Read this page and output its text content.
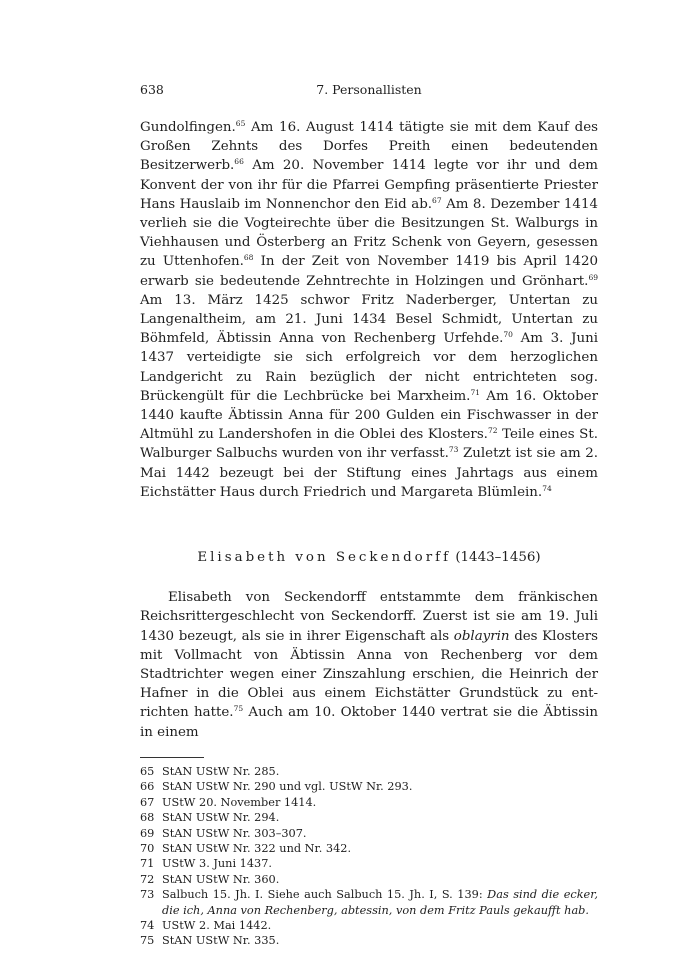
638	7. Personallisten

Gundolfingen.$^{65}$ Am 16. August 1414 tätigte sie mit dem Kauf des Großen Zehnts des Dorfes Preith einen bedeutenden Besitzerwerb.$^{66}$ Am 20. November 1414 legte vor ihr und dem Konvent der von ihr für die Pfarrei Gempfing präsentierte Priester Hans Hauslaib im Nonnenchor den Eid ab.$^{67}$ Am 8. Dezember 1414 verlieh sie die Vogteirechte über die Besitzungen St. Walburgs in Viehhausen und Österberg an Fritz Schenk von Geyern, gesessen zu Uttenhofen.$^{68}$ In der Zeit von November 1419 bis April 1420 erwarb sie bedeutende Zehntrechte in Holzingen und Grönhart.$^{69}$ Am 13. März 1425 schwor Fritz Naderberger, Untertan zu Langenaltheim, am 21. Juni 1434 Besel Schmidt, Untertan zu Böhmfeld, Äbtissin Anna von Rechenberg Urfehde.$^{70}$ Am 3. Juni 1437 verteidigte sie sich erfolgreich vor dem herzoglichen Landgericht zu Rain bezüglich der nicht entrichteten sog. Brückengült für die Lechbrücke bei Marxheim.$^{71}$ Am 16. Oktober 1440 kaufte Äbtissin Anna für 200 Gulden ein Fischwasser in der Altmühl zu Landershofen in die Oblei des Klosters.$^{72}$ Teile eines St. Walburger Salbuchs wurden von ihr verfasst.$^{73}$ Zuletzt ist sie am 2. Mai 1442 bezeugt bei der Stiftung eines Jahrtags aus einem Eichstätter Haus durch Friedrich und Margareta Blümlein.$^{74}$

Elisabeth von Seckendorff (1443–1456)

Elisabeth von Seckendorff entstammte dem fränkischen Reichsrittergeschlecht von Seckendorff. Zuerst ist sie am 19. Juli 1430 bezeugt, als sie in ihrer Eigenschaft als oblayrin des Klosters mit Vollmacht von Äbtissin Anna von Rechenberg vor dem Stadtrichter wegen einer Zinszahlung erschien, die Heinrich der Hafner in die Oblei aus einem Eichstätter Grundstück zu entrichten hatte.$^{75}$ Auch am 10. Oktober 1440 vertrat sie die Äbtissin in einem

65 StAN UStW Nr. 285.
66 StAN UStW Nr. 290 und vgl. UStW Nr. 293.
67 UStW 20. November 1414.
68 StAN UStW Nr. 294.
69 StAN UStW Nr. 303–307.
70 StAN UStW Nr. 322 und Nr. 342.
71 UStW 3. Juni 1437.
72 StAN UStW Nr. 360.
73 Salbuch 15. Jh. I. Siehe auch Salbuch 15. Jh. I, S. 139: Das sind die ecker, die ich, Anna von Rechenberg, abtessin, von dem Fritz Pauls gekaufft hab.
74 UStW 2. Mai 1442.
75 StAN UStW Nr. 335.
